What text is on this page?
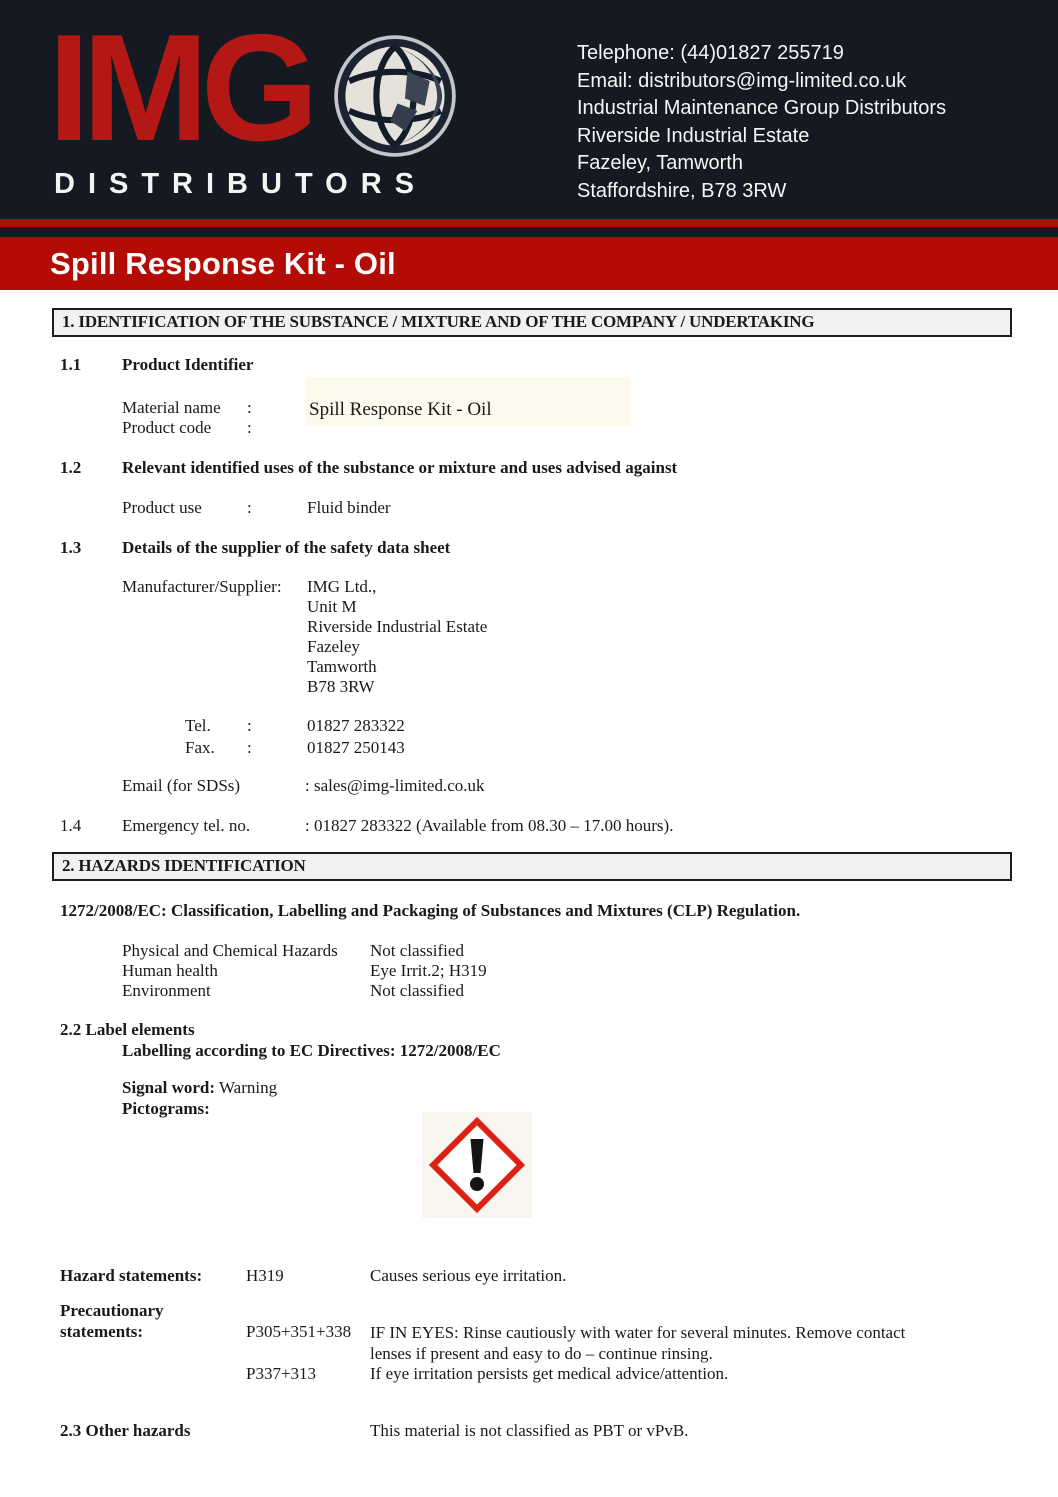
IMG
DISTRIBUTORS
Telephone: (44)01827 255719
Email: distributors@img-limited.co.uk
Industrial Maintenance Group Distributors
Riverside Industrial Estate
Fazeley, Tamworth
Staffordshire, B78 3RW
Spill Response Kit - Oil
1. IDENTIFICATION OF THE SUBSTANCE / MIXTURE AND OF THE COMPANY / UNDERTAKING
1.1 Product Identifier
Material name :	Spill Response Kit - Oil
Product code :
1.2 Relevant identified uses of the substance or mixture and uses advised against
Product use	:	Fluid binder
1.3 Details of the supplier of the safety data sheet
Manufacturer/Supplier: IMG Ltd.,
Unit M
Riverside Industrial Estate
Fazeley
Tamworth
B78 3RW
Tel. :	01827 283322
Fax. :	01827 250143
Email (for SDSs)	: sales@img-limited.co.uk
1.4 Emergency tel. no.	: 01827 283322 (Available from 08.30 – 17.00 hours).
2. HAZARDS IDENTIFICATION
1272/2008/EC: Classification, Labelling and Packaging of Substances and Mixtures (CLP) Regulation.
Physical and Chemical Hazards Not classified
Human health	Eye Irrit.2; H319
Environment	Not classified
2.2 Label elements
Labelling according to EC Directives: 1272/2008/EC
Signal word: Warning
Pictograms:
Hazard statements:	H319	Causes serious eye irritation.
Precautionary
statements:	P305+351+338 IF IN EYES: Rinse cautiously with water for several minutes. Remove contact lenses if present and easy to do – continue rinsing.
P337+313	If eye irritation persists get medical advice/attention.
2.3 Other hazards	This material is not classified as PBT or vPvB.
